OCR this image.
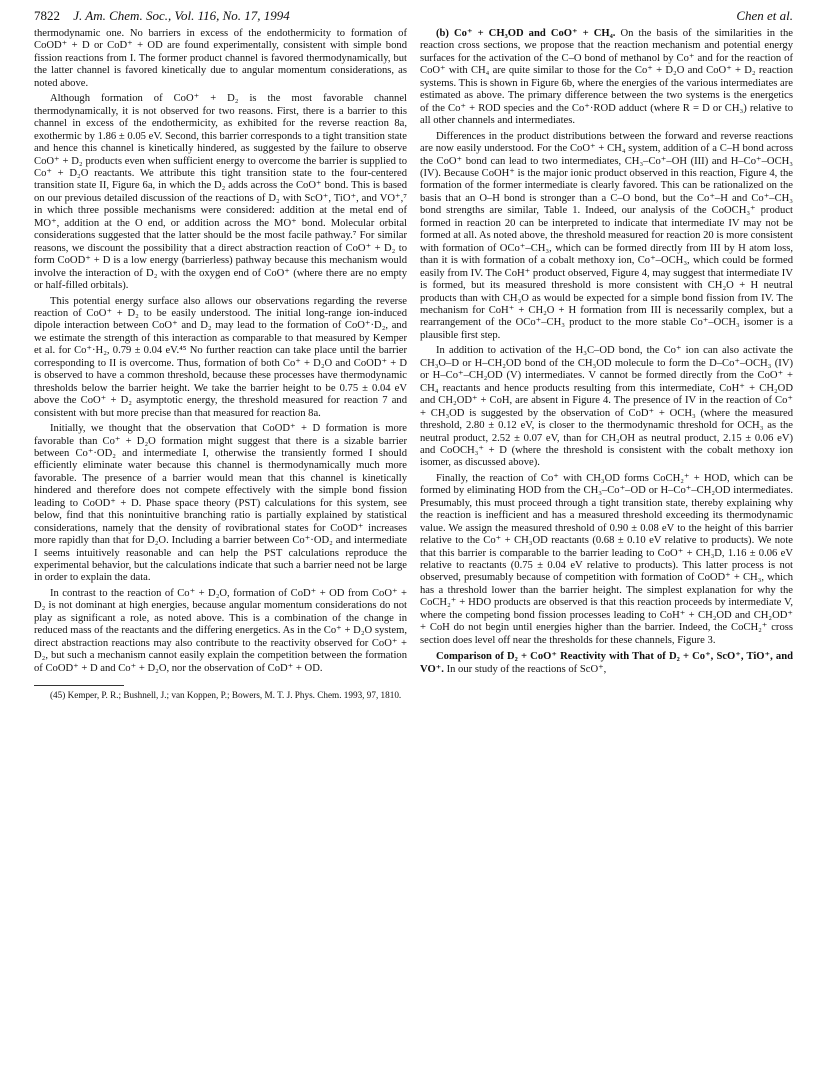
7822 J. Am. Chem. Soc., Vol. 116, No. 17, 1994	Chen et al.

thermodynamic one. No barriers in excess of the endothermicity to formation of CoOD⁺ + D or CoD⁺ + OD are found experimentally, consistent with simple bond fission reactions from I. The former product channel is favored thermodynamically, but the latter channel is favored kinetically due to angular momentum considerations, as noted above.

Although formation of CoO⁺ + D₂ is the most favorable channel thermodynamically, it is not observed for two reasons. First, there is a barrier to this channel in excess of the endothermicity, as exhibited for the reverse reaction 8a, exothermic by 1.86 ± 0.05 eV. Second, this barrier corresponds to a tight transition state and hence this channel is kinetically hindered, as suggested by the failure to observe CoO⁺ + D₂ products even when sufficient energy to overcome the barrier is supplied to Co⁺ + D₂O reactants. We attribute this tight transition state to the four-centered transition state II, Figure 6a, in which the D₂ adds across the CoO⁺ bond. This is based on our previous detailed discussion of the reactions of D₂ with ScO⁺, TiO⁺, and VO⁺,⁷ in which three possible mechanisms were considered: addition at the metal end of MO⁺, addition at the O end, or addition across the MO⁺ bond. Molecular orbital considerations suggested that the latter should be the most facile pathway.⁷ For similar reasons, we discount the possibility that a direct abstraction reaction of CoO⁺ + D₂ to form CoOD⁺ + D is a low energy (barrierless) pathway because this mechanism would involve the interaction of D₂ with the oxygen end of CoO⁺ (where there are no empty or half-filled orbitals).

This potential energy surface also allows our observations regarding the reverse reaction of CoO⁺ + D₂ to be easily understood. The initial long-range ion-induced dipole interaction between CoO⁺ and D₂ may lead to the formation of CoO⁺·D₂, and we estimate the strength of this interaction as comparable to that measured by Kemper et al. for Co⁺·H₂, 0.79 ± 0.04 eV.⁴⁵ No further reaction can take place until the barrier corresponding to II is overcome. Thus, formation of both Co⁺ + D₂O and CoOD⁺ + D is observed to have a common threshold, because these processes have thermodynamic thresholds below the barrier height. We take the barrier height to be 0.75 ± 0.04 eV above the CoO⁺ + D₂ asymptotic energy, the threshold measured for reaction 7 and consistent with but more precise than that measured for reaction 8a.

Initially, we thought that the observation that CoOD⁺ + D formation is more favorable than Co⁺ + D₂O formation might suggest that there is a sizable barrier between Co⁺·OD₂ and intermediate I, otherwise the transiently formed I should efficiently eliminate water because this channel is thermodynamically much more favorable. The presence of a barrier would mean that this channel is kinetically hindered and therefore does not compete effectively with the simple bond fission leading to CoOD⁺ + D. Phase space theory (PST) calculations for this system, see below, find that this nonintuitive branching ratio is partially explained by statistical considerations, namely that the density of rovibrational states for CoOD⁺ increases more rapidly than that for D₂O. Including a barrier between Co⁺·OD₂ and intermediate I seems intuitively reasonable and can help the PST calculations reproduce the experimental behavior, but the calculations indicate that such a barrier need not be large in order to explain the data.

In contrast to the reaction of Co⁺ + D₂O, formation of CoD⁺ + OD from CoO⁺ + D₂ is not dominant at high energies, because angular momentum considerations do not play as significant a role, as noted above. This is a combination of the change in reduced mass of the reactants and the differing energetics. As in the Co⁺ + D₂O system, direct abstraction reactions may also contribute to the reactivity observed for CoO⁺ + D₂, but such a mechanism cannot easily explain the competition between the formation of CoOD⁺ + D and Co⁺ + D₂O, nor the observation of CoD⁺ + OD.

(45) Kemper, P. R.; Bushnell, J.; van Koppen, P.; Bowers, M. T. J. Phys. Chem. 1993, 97, 1810.

(b) Co⁺ + CH₃OD and CoO⁺ + CH₄. On the basis of the similarities in the reaction cross sections, we propose that the reaction mechanism and potential energy surfaces for the activation of the C–O bond of methanol by Co⁺ and for the reaction of CoO⁺ with CH₄ are quite similar to those for the Co⁺ + D₂O and CoO⁺ + D₂ reaction systems. This is shown in Figure 6b, where the energies of the various intermediates are estimated as above. The primary difference between the two systems is the energetics of the Co⁺ + ROD species and the Co⁺·ROD adduct (where R = D or CH₃) relative to all other channels and intermediates.

Differences in the product distributions between the forward and reverse reactions are now easily understood. For the CoO⁺ + CH₄ system, addition of a C–H bond across the CoO⁺ bond can lead to two intermediates, CH₃–Co⁺–OH (III) and H–Co⁺–OCH₃ (IV). Because CoOH⁺ is the major ionic product observed in this reaction, Figure 4, the formation of the former intermediate is clearly favored. This can be rationalized on the basis that an O–H bond is stronger than a C–O bond, but the Co⁺–H and Co⁺–CH₃ bond strengths are similar, Table 1. Indeed, our analysis of the CoOCH₃⁺ product formed in reaction 20 can be interpreted to indicate that intermediate IV may not be formed at all. As noted above, the threshold measured for reaction 20 is more consistent with formation of OCo⁺–CH₃, which can be formed directly from III by H atom loss, than it is with formation of a cobalt methoxy ion, Co⁺–OCH₃, which could be formed easily from IV. The CoH⁺ product observed, Figure 4, may suggest that intermediate IV is formed, but its measured threshold is more consistent with CH₂O + H neutral products than with CH₃O as would be expected for a simple bond fission from IV. The mechanism for CoH⁺ + CH₂O + H formation from III is necessarily complex, but a rearrangement of the OCo⁺–CH₃ product to the more stable Co⁺–OCH₃ isomer is a plausible first step.

In addition to activation of the H₃C–OD bond, the Co⁺ ion can also activate the CH₃O–D or H–CH₂OD bond of the CH₃OD molecule to form the D–Co⁺–OCH₃ (IV) or H–Co⁺–CH₂OD (V) intermediates. V cannot be formed directly from the CoO⁺ + CH₄ reactants and hence products resulting from this intermediate, CoH⁺ + CH₂OD and CH₂OD⁺ + CoH, are absent in Figure 4. The presence of IV in the reaction of Co⁺ + CH₃OD is suggested by the observation of CoD⁺ + OCH₃ (where the measured threshold, 2.80 ± 0.12 eV, is closer to the thermodynamic threshold for OCH₃ as the neutral product, 2.52 ± 0.07 eV, than for CH₂OH as neutral product, 2.15 ± 0.06 eV) and CoOCH₃⁺ + D (where the threshold is consistent with the cobalt methoxy ion isomer, as discussed above).

Finally, the reaction of Co⁺ with CH₃OD forms CoCH₂⁺ + HOD, which can be formed by eliminating HOD from the CH₃–Co⁺–OD or H–Co⁺–CH₂OD intermediates. Presumably, this must proceed through a tight transition state, thereby explaining why the reaction is inefficient and has a measured threshold exceeding its thermodynamic value. We assign the measured threshold of 0.90 ± 0.08 eV to the height of this barrier relative to the Co⁺ + CH₃OD reactants (0.68 ± 0.10 eV relative to products). We note that this barrier is comparable to the barrier leading to CoO⁺ + CH₃D, 1.16 ± 0.06 eV relative to reactants (0.75 ± 0.04 eV relative to products). This latter process is not observed, presumably because of competition with formation of CoOD⁺ + CH₃, which has a threshold lower than the barrier height. The simplest explanation for why the CoCH₂⁺ + HDO products are observed is that this reaction proceeds by intermediate V, where the competing bond fission processes leading to CoH⁺ + CH₂OD and CH₂OD⁺ + CoH do not begin until energies higher than the barrier. Indeed, the CoCH₂⁺ cross section does level off near the thresholds for these channels, Figure 3.

Comparison of D₂ + CoO⁺ Reactivity with That of D₂ + Co⁺, ScO⁺, TiO⁺, and VO⁺. In our study of the reactions of ScO⁺,
